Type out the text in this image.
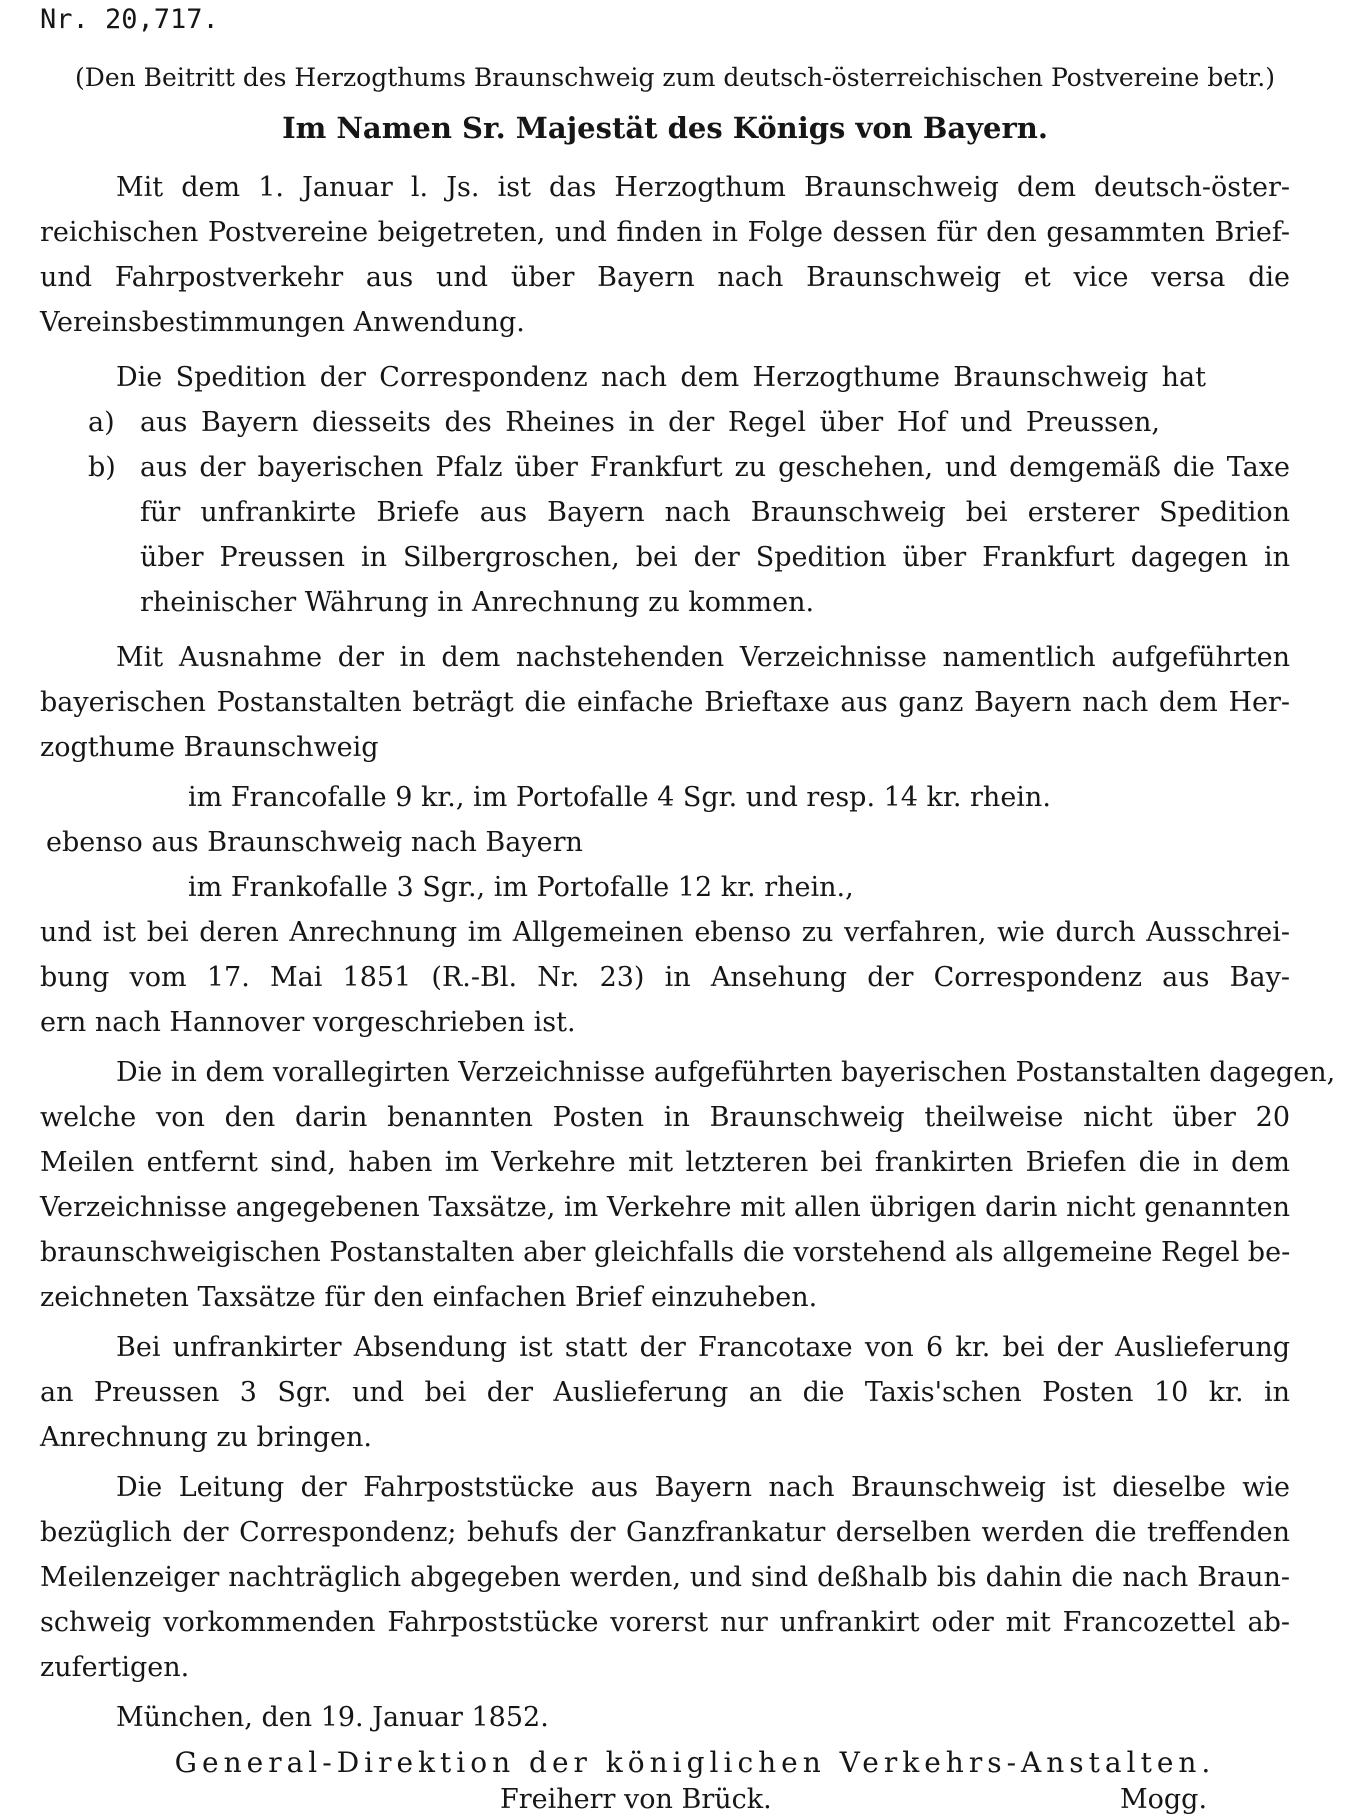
Nr. 20,717.
(Den Beitritt des Herzogthums Braunschweig zum deutsch-österreichischen Postvereine betr.)
Im Namen Sr. Majestät des Königs von Bayern.
Mit dem 1. Januar l. Js. ist das Herzogthum Braunschweig dem deutsch-öster-
reichischen Postvereine beigetreten, und finden in Folge dessen für den gesammten Brief-
und Fahrpostverkehr aus und über Bayern nach Braunschweig et vice versa die
Vereinsbestimmungen Anwendung.
Die Spedition der Correspondenz nach dem Herzogthume Braunschweig hat
a) aus Bayern diesseits des Rheines in der Regel über Hof und Preussen,
b) aus der bayerischen Pfalz über Frankfurt zu geschehen, und demgemäß die Taxe
für unfrankirte Briefe aus Bayern nach Braunschweig bei ersterer Spedition
über Preussen in Silbergroschen, bei der Spedition über Frankfurt dagegen in
rheinischer Währung in Anrechnung zu kommen.
Mit Ausnahme der in dem nachstehenden Verzeichnisse namentlich aufgeführten
bayerischen Postanstalten beträgt die einfache Brieftaxe aus ganz Bayern nach dem Her-
zogthume Braunschweig
im Francofalle 9 kr., im Portofalle 4 Sgr. und resp. 14 kr. rhein.
ebenso aus Braunschweig nach Bayern
im Frankofalle 3 Sgr., im Portofalle 12 kr. rhein.,
und ist bei deren Anrechnung im Allgemeinen ebenso zu verfahren, wie durch Ausschrei-
bung vom 17. Mai 1851 (R.-Bl. Nr. 23) in Ansehung der Correspondenz aus Bay-
ern nach Hannover vorgeschrieben ist.
Die in dem vorallegirten Verzeichnisse aufgeführten bayerischen Postanstalten dagegen,
welche von den darin benannten Posten in Braunschweig theilweise nicht über 20
Meilen entfernt sind, haben im Verkehre mit letzteren bei frankirten Briefen die in dem
Verzeichnisse angegebenen Taxsätze, im Verkehre mit allen übrigen darin nicht genannten
braunschweigischen Postanstalten aber gleichfalls die vorstehend als allgemeine Regel be-
zeichneten Taxsätze für den einfachen Brief einzuheben.
Bei unfrankirter Absendung ist statt der Francotaxe von 6 kr. bei der Auslieferung
an Preussen 3 Sgr. und bei der Auslieferung an die Taxis'schen Posten 10 kr. in
Anrechnung zu bringen.
Die Leitung der Fahrpoststücke aus Bayern nach Braunschweig ist dieselbe wie
bezüglich der Correspondenz; behufs der Ganzfrankatur derselben werden die treffenden
Meilenzeiger nachträglich abgegeben werden, und sind deßhalb bis dahin die nach Braun-
schweig vorkommenden Fahrpoststücke vorerst nur unfrankirt oder mit Francozettel ab-
zufertigen.
München, den 19. Januar 1852.
General-Direktion der königlichen Verkehrs-Anstalten.
Freiherr von Brück.	Mogg.
